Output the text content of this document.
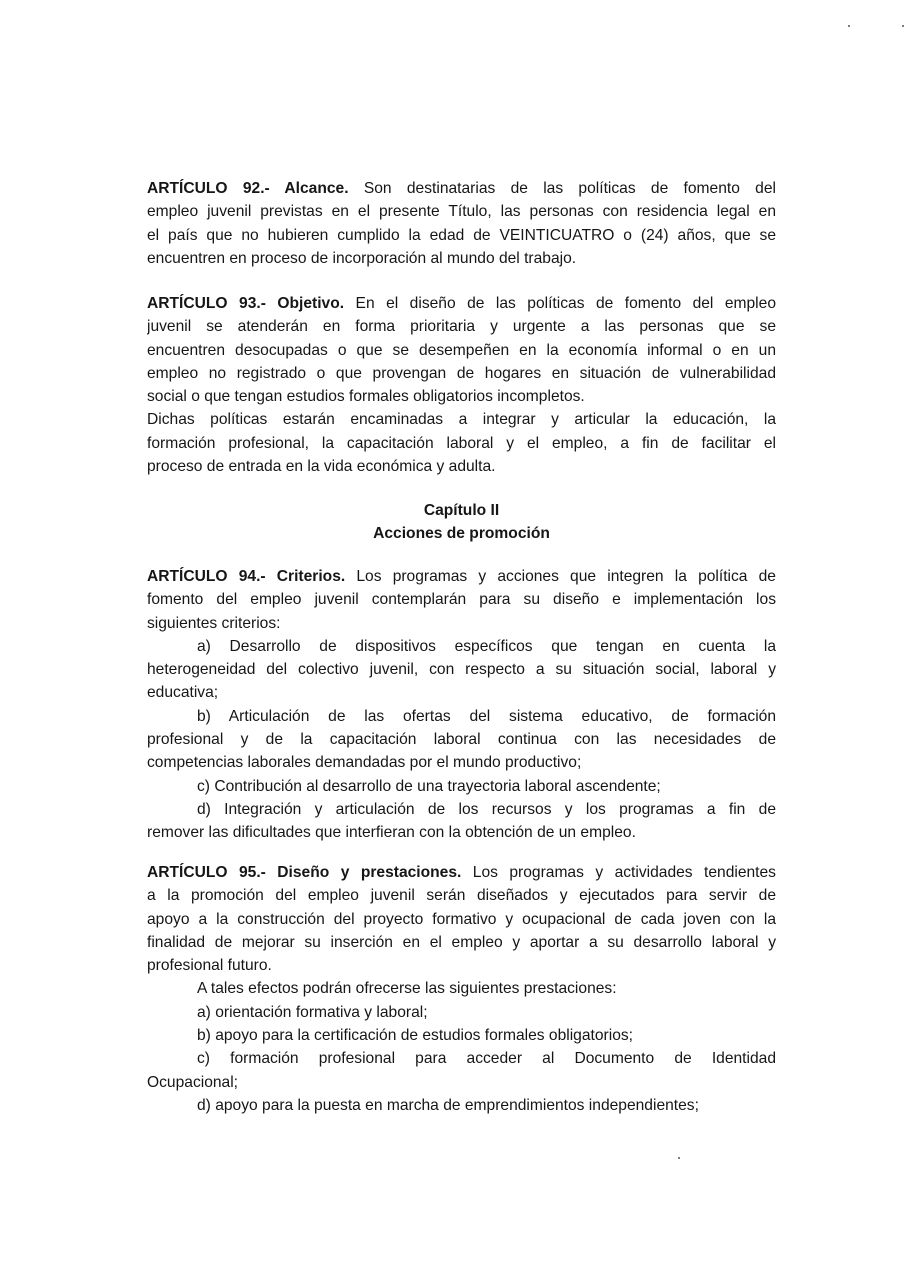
ARTÍCULO 92.- Alcance. Son destinatarias de las políticas de fomento del
empleo juvenil previstas en el presente Título, las personas con residencia legal en
el país que no hubieren cumplido la edad de VEINTICUATRO o (24) años, que se
encuentren en proceso de incorporación al mundo del trabajo.
ARTÍCULO 93.- Objetivo. En el diseño de las políticas de fomento del empleo
juvenil se atenderán en forma prioritaria y urgente a las personas que se
encuentren desocupadas o que se desempeñen en la economía informal o en un
empleo no registrado o que provengan de hogares en situación de vulnerabilidad
social o que tengan estudios formales obligatorios incompletos.
Dichas políticas estarán encaminadas a integrar y articular la educación, la
formación profesional, la capacitación laboral y el empleo, a fin de facilitar el
proceso de entrada en la vida económica y adulta.
Capítulo II
Acciones de promoción
ARTÍCULO 94.- Criterios. Los programas y acciones que integren la política de
fomento del empleo juvenil contemplarán para su diseño e implementación los
siguientes criterios:
a) Desarrollo de dispositivos específicos que tengan en cuenta la
heterogeneidad del colectivo juvenil, con respecto a su situación social, laboral y
educativa;
b) Articulación de las ofertas del sistema educativo, de formación
profesional y de la capacitación laboral continua con las necesidades de
competencias laborales demandadas por el mundo productivo;
c) Contribución al desarrollo de una trayectoria laboral ascendente;
d) Integración y articulación de los recursos y los programas a fin de
remover las dificultades que interfieran con la obtención de un empleo.
ARTÍCULO 95.- Diseño y prestaciones. Los programas y actividades tendientes
a la promoción del empleo juvenil serán diseñados y ejecutados para servir de
apoyo a la construcción del proyecto formativo y ocupacional de cada joven con la
finalidad de mejorar su inserción en el empleo y aportar a su desarrollo laboral y
profesional futuro.
A tales efectos podrán ofrecerse las siguientes prestaciones:
a) orientación formativa y laboral;
b) apoyo para la certificación de estudios formales obligatorios;
c) formación profesional para acceder al Documento de Identidad
Ocupacional;
d) apoyo para la puesta en marcha de emprendimientos independientes;
